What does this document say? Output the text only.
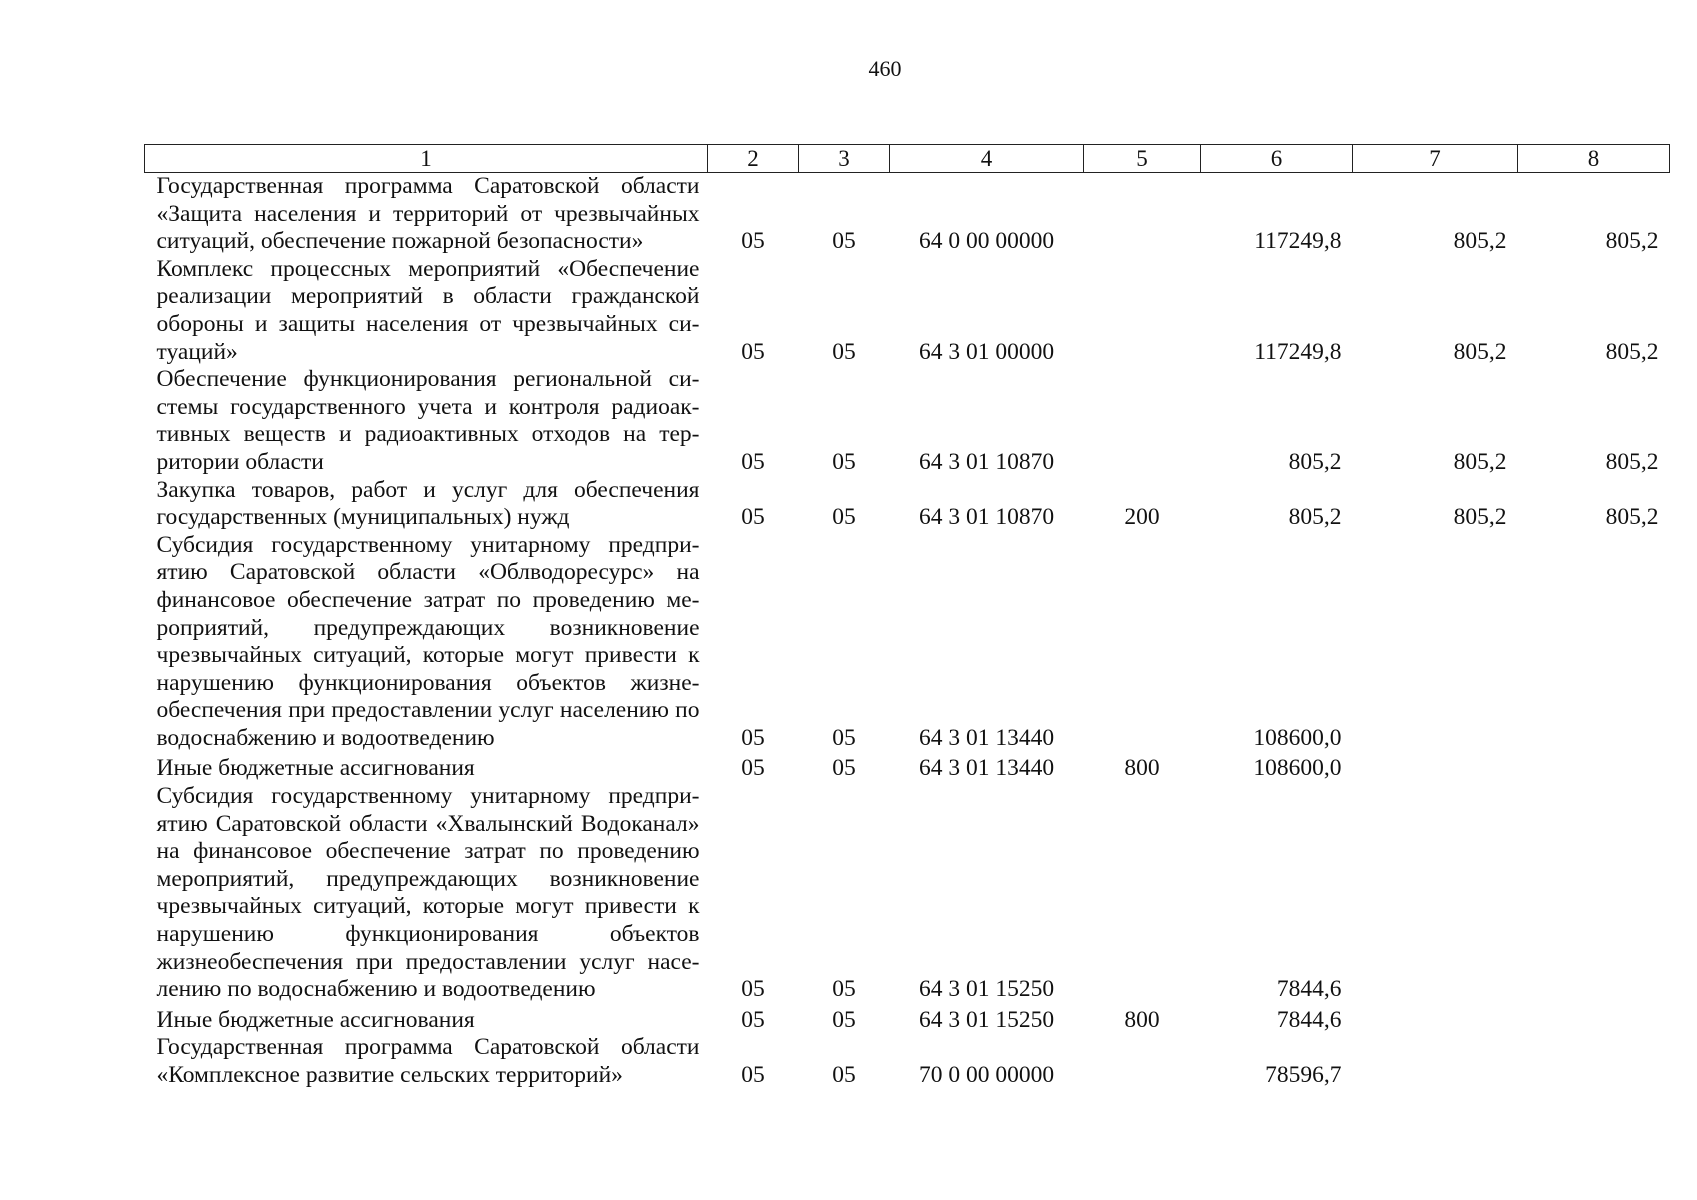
460
1	2	3	4	5	6	7	8
Государственная программа Саратовской области «Защита населения и территорий от чрезвычайных ситуаций, обеспечение пожарной безопасности»	05	05	64 0 00 00000		117249,8	805,2	805,2
Комплекс процессных мероприятий «Обеспечение реализации мероприятий в области гражданской обороны и защиты населения от чрезвычайных ситуаций»	05	05	64 3 01 00000		117249,8	805,2	805,2
Обеспечение функционирования региональной системы государственного учета и контроля радиоактивных веществ и радиоактивных отходов на территории области	05	05	64 3 01 10870		805,2	805,2	805,2
Закупка товаров, работ и услуг для обеспечения государственных (муниципальных) нужд	05	05	64 3 01 10870	200	805,2	805,2	805,2
Субсидия государственному унитарному предприятию Саратовской области «Облводоресурс» на финансовое обеспечение затрат по проведению мероприятий, предупреждающих возникновение чрезвычайных ситуаций, которые могут привести к нарушению функционирования объектов жизнеобеспечения при предоставлении услуг населению по водоснабжению и водоотведению	05	05	64 3 01 13440		108600,0		
Иные бюджетные ассигнования	05	05	64 3 01 13440	800	108600,0		
Субсидия государственному унитарному предприятию Саратовской области «Хвалынский Водоканал» на финансовое обеспечение затрат по проведению мероприятий, предупреждающих возникновение чрезвычайных ситуаций, которые могут привести к нарушению функционирования объектов жизнеобеспечения при предоставлении услуг населению по водоснабжению и водоотведению	05	05	64 3 01 15250		7844,6		
Иные бюджетные ассигнования	05	05	64 3 01 15250	800	7844,6		
Государственная программа Саратовской области «Комплексное развитие сельских территорий»	05	05	70 0 00 00000		78596,7		
